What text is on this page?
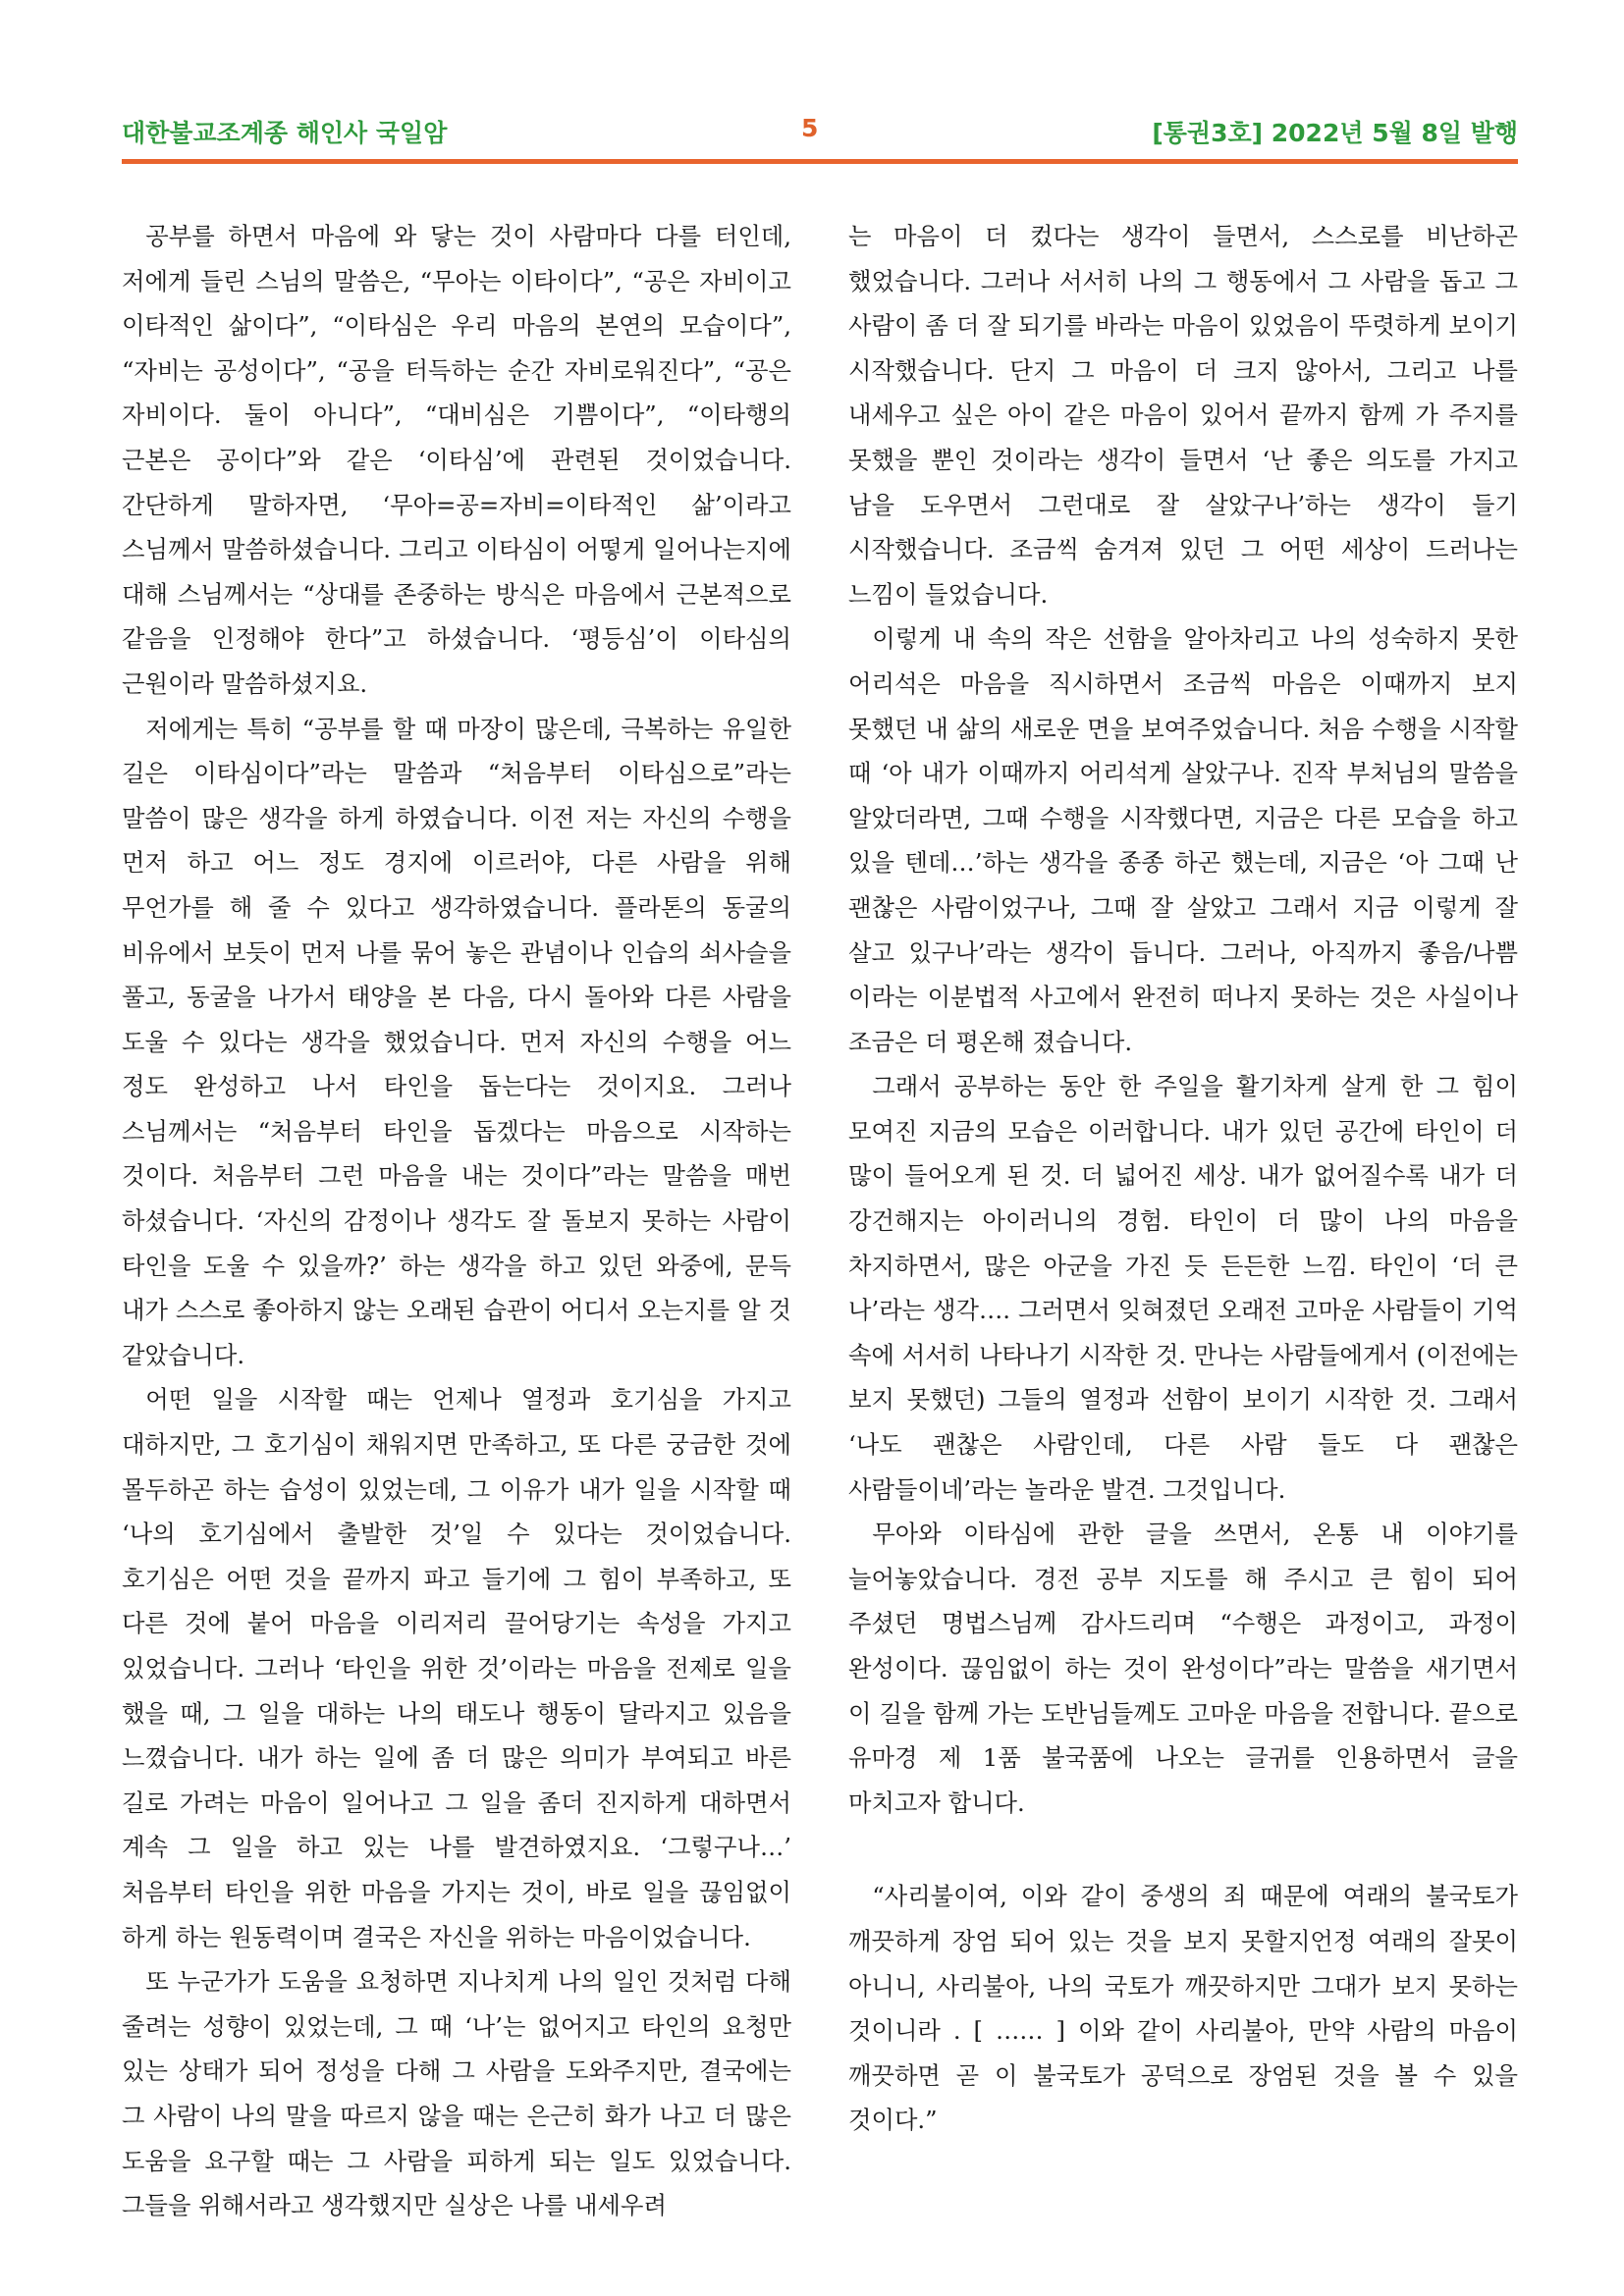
대한불교조계종 해인사 국일암	5	[통권3호] 2022년 5월 8일 발행

공부를 하면서 마음에 와 닿는 것이 사람마다 다를 터인데, 저에게 들린 스님의 말씀은, “무아는 이타이다”, “공은 자비이고 이타적인 삶이다”, “이타심은 우리 마음의 본연의 모습이다”, “자비는 공성이다”, “공을 터득하는 순간 자비로워진다”, “공은 자비이다. 둘이 아니다”, “대비심은 기쁨이다”, “이타행의 근본은 공이다”와 같은 ‘이타심’에 관련된 것이었습니다. 간단하게 말하자면, ‘무아=공=자비=이타적인 삶’이라고 스님께서 말씀하셨습니다. 그리고 이타심이 어떻게 일어나는지에 대해 스님께서는 “상대를 존중하는 방식은 마음에서 근본적으로 같음을 인정해야 한다”고 하셨습니다. ‘평등심’이 이타심의 근원이라 말씀하셨지요.

저에게는 특히 “공부를 할 때 마장이 많은데, 극복하는 유일한 길은 이타심이다”라는 말씀과 “처음부터 이타심으로”라는 말씀이 많은 생각을 하게 하였습니다. 이전 저는 자신의 수행을 먼저 하고 어느 정도 경지에 이르러야, 다른 사람을 위해 무언가를 해 줄 수 있다고 생각하였습니다. 플라톤의 동굴의 비유에서 보듯이 먼저 나를 묶어 놓은 관념이나 인습의 쇠사슬을 풀고, 동굴을 나가서 태양을 본 다음, 다시 돌아와 다른 사람을 도울 수 있다는 생각을 했었습니다. 먼저 자신의 수행을 어느 정도 완성하고 나서 타인을 돕는다는 것이지요. 그러나 스님께서는 “처음부터 타인을 돕겠다는 마음으로 시작하는 것이다. 처음부터 그런 마음을 내는 것이다”라는 말씀을 매번 하셨습니다. ‘자신의 감정이나 생각도 잘 돌보지 못하는 사람이 타인을 도울 수 있을까?’ 하는 생각을 하고 있던 와중에, 문득 내가 스스로 좋아하지 않는 오래된 습관이 어디서 오는지를 알 것 같았습니다.

어떤 일을 시작할 때는 언제나 열정과 호기심을 가지고 대하지만, 그 호기심이 채워지면 만족하고, 또 다른 궁금한 것에 몰두하곤 하는 습성이 있었는데, 그 이유가 내가 일을 시작할 때 ‘나의 호기심에서 출발한 것’일 수 있다는 것이었습니다. 호기심은 어떤 것을 끝까지 파고 들기에 그 힘이 부족하고, 또 다른 것에 붙어 마음을 이리저리 끌어당기는 속성을 가지고 있었습니다. 그러나 ‘타인을 위한 것’이라는 마음을 전제로 일을 했을 때, 그 일을 대하는 나의 태도나 행동이 달라지고 있음을 느꼈습니다. 내가 하는 일에 좀 더 많은 의미가 부여되고 바른 길로 가려는 마음이 일어나고 그 일을 좀더 진지하게 대하면서 계속 그 일을 하고 있는 나를 발견하였지요. ‘그렇구나…’ 처음부터 타인을 위한 마음을 가지는 것이, 바로 일을 끊임없이 하게 하는 원동력이며 결국은 자신을 위하는 마음이었습니다.

또 누군가가 도움을 요청하면 지나치게 나의 일인 것처럼 다해 줄려는 성향이 있었는데, 그 때 ‘나’는 없어지고 타인의 요청만 있는 상태가 되어 정성을 다해 그 사람을 도와주지만, 결국에는 그 사람이 나의 말을 따르지 않을 때는 은근히 화가 나고 더 많은 도움을 요구할 때는 그 사람을 피하게 되는 일도 있었습니다. 그들을 위해서라고 생각했지만 실상은 나를 내세우려

는 마음이 더 컸다는 생각이 들면서, 스스로를 비난하곤 했었습니다. 그러나 서서히 나의 그 행동에서 그 사람을 돕고 그 사람이 좀 더 잘 되기를 바라는 마음이 있었음이 뚜렷하게 보이기 시작했습니다. 단지 그 마음이 더 크지 않아서, 그리고 나를 내세우고 싶은 아이 같은 마음이 있어서 끝까지 함께 가 주지를 못했을 뿐인 것이라는 생각이 들면서 ‘난 좋은 의도를 가지고 남을 도우면서 그런대로 잘 살았구나’하는 생각이 들기 시작했습니다. 조금씩 숨겨져 있던 그 어떤 세상이 드러나는 느낌이 들었습니다.

이렇게 내 속의 작은 선함을 알아차리고 나의 성숙하지 못한 어리석은 마음을 직시하면서 조금씩 마음은 이때까지 보지 못했던 내 삶의 새로운 면을 보여주었습니다. 처음 수행을 시작할 때 ‘아 내가 이때까지 어리석게 살았구나. 진작 부처님의 말씀을 알았더라면, 그때 수행을 시작했다면, 지금은 다른 모습을 하고 있을 텐데…’하는 생각을 종종 하곤 했는데, 지금은 ‘아 그때 난 괜찮은 사람이었구나, 그때 잘 살았고 그래서 지금 이렇게 잘 살고 있구나’라는 생각이 듭니다. 그러나, 아직까지 좋음/나쁨 이라는 이분법적 사고에서 완전히 떠나지 못하는 것은 사실이나 조금은 더 평온해 졌습니다.

그래서 공부하는 동안 한 주일을 활기차게 살게 한 그 힘이 모여진 지금의 모습은 이러합니다. 내가 있던 공간에 타인이 더 많이 들어오게 된 것. 더 넓어진 세상. 내가 없어질수록 내가 더 강건해지는 아이러니의 경험. 타인이 더 많이 나의 마음을 차지하면서, 많은 아군을 가진 듯 든든한 느낌. 타인이 ‘더 큰 나’라는 생각…. 그러면서 잊혀졌던 오래전 고마운 사람들이 기억 속에 서서히 나타나기 시작한 것. 만나는 사람들에게서 (이전에는 보지 못했던) 그들의 열정과 선함이 보이기 시작한 것. 그래서 ‘나도 괜찮은 사람인데, 다른 사람 들도 다 괜찮은 사람들이네’라는 놀라운 발견. 그것입니다.

무아와 이타심에 관한 글을 쓰면서, 온통 내 이야기를 늘어놓았습니다. 경전 공부 지도를 해 주시고 큰 힘이 되어 주셨던 명법스님께 감사드리며 “수행은 과정이고, 과정이 완성이다. 끊임없이 하는 것이 완성이다”라는 말씀을 새기면서 이 길을 함께 가는 도반님들께도 고마운 마음을 전합니다. 끝으로 유마경 제 1품 불국품에 나오는 글귀를 인용하면서 글을 마치고자 합니다.

“사리불이여, 이와 같이 중생의 죄 때문에 여래의 불국토가 깨끗하게 장엄 되어 있는 것을 보지 못할지언정 여래의 잘못이 아니니, 사리불아, 나의 국토가 깨끗하지만 그대가 보지 못하는 것이니라 . [ …… ] 이와 같이 사리불아, 만약 사람의 마음이 깨끗하면 곧 이 불국토가 공덕으로 장엄된 것을 볼 수 있을 것이다.”
